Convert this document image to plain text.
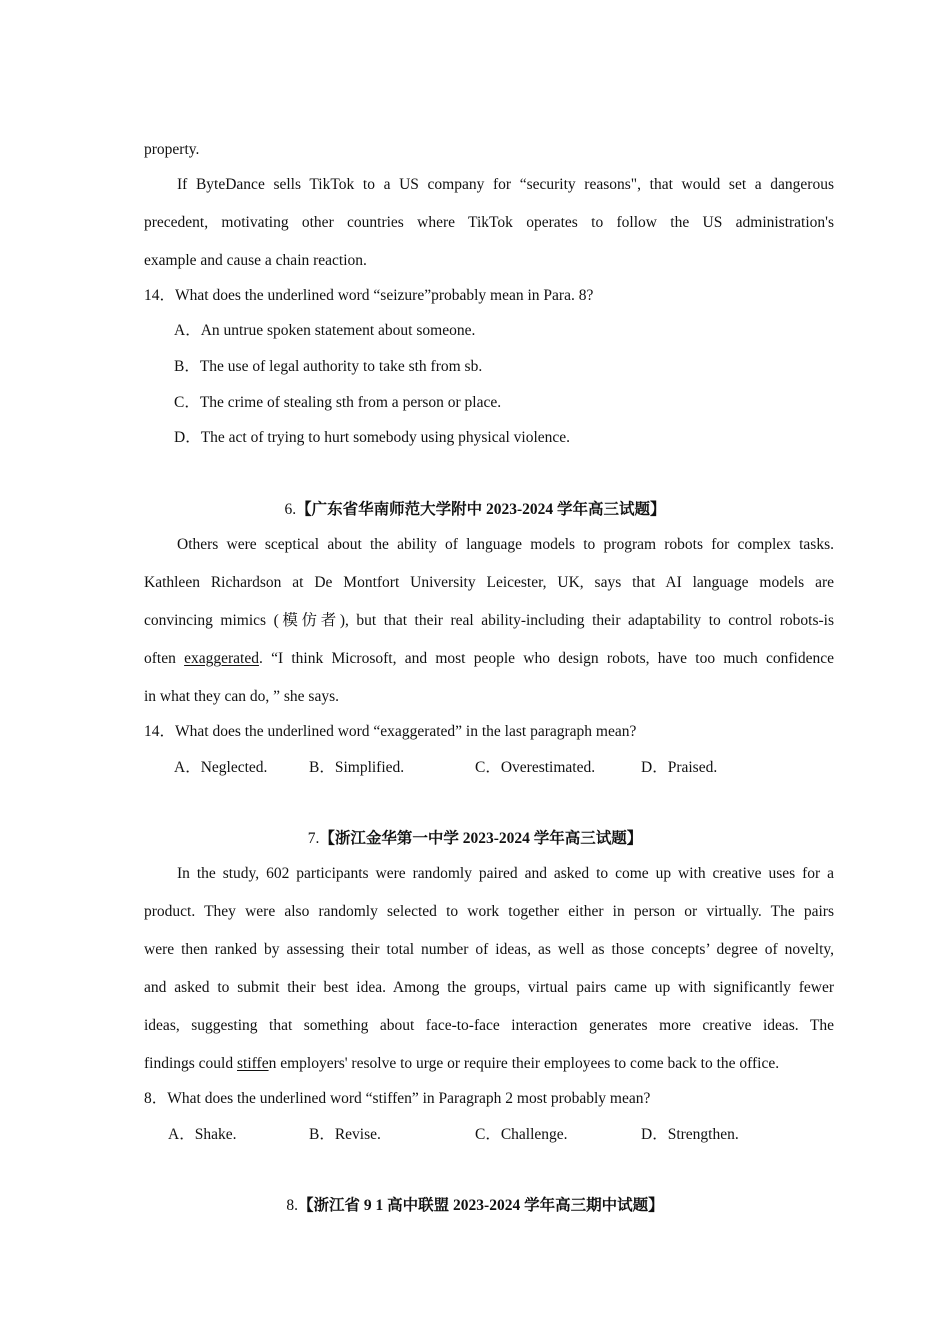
property.
If ByteDance sells TikTok to a US company for “security reasons", that would set a dangerous
precedent, motivating other countries where TikTok operates to follow the US administration's
example and cause a chain reaction.
14．What does the underlined word “seizure”probably mean in Para. 8?
A．An untrue spoken statement about someone.
B．The use of legal authority to take sth from sb.
C．The crime of stealing sth from a person or place.
D．The act of trying to hurt somebody using physical violence.
6.【广东省华南师范大学附中 2023-2024 学年高三试题】
Others were sceptical about the ability of language models to program robots for complex tasks.
Kathleen Richardson at De Montfort University Leicester, UK, says that AI language models are
convincing mimics (模仿者), but that their real ability-including their adaptability to control robots-is
often exaggerated. “I think Microsoft, and most people who design robots, have too much confidence
in what they can do, ” she says.
14．What does the underlined word “exaggerated” in the last paragraph mean?
A．Neglected.	B．Simplified.	C．Overestimated.	D．Praised.
7.【浙江金华第一中学 2023-2024 学年高三试题】
In the study, 602 participants were randomly paired and asked to come up with creative uses for a
product. They were also randomly selected to work together either in person or virtually. The pairs
were then ranked by assessing their total number of ideas, as well as those concepts’ degree of novelty,
and asked to submit their best idea. Among the groups, virtual pairs came up with significantly fewer
ideas, suggesting that something about face-to-face interaction generates more creative ideas. The
findings could stiffen employers' resolve to urge or require their employees to come back to the office.
8．What does the underlined word “stiffen” in Paragraph 2 most probably mean?
A．Shake.	B．Revise.	C．Challenge.	D．Strengthen.
8.【浙江省 9 1 高中联盟 2023-2024 学年高三期中试题】
